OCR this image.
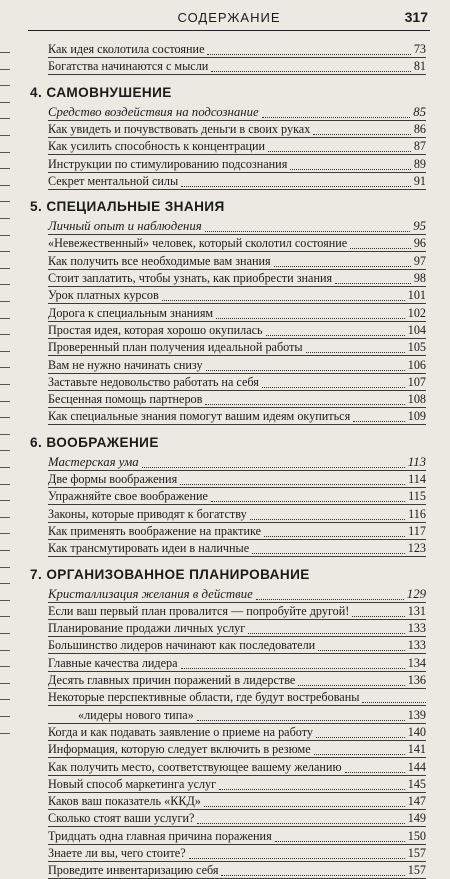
СОДЕРЖАНИЕ	317
Как идея сколотила состояние	73
Богатства начинаются с мысли	81
4. САМОВНУШЕНИЕ
Средство воздействия на подсознание	85
Как увидеть и почувствовать деньги в своих руках	86
Как усилить способность к концентрации	87
Инструкции по стимулированию подсознания	89
Секрет ментальной силы	91
5. СПЕЦИАЛЬНЫЕ ЗНАНИЯ
Личный опыт и наблюдения	95
«Невежественный» человек, который сколотил состояние	96
Как получить все необходимые вам знания	97
Стоит заплатить, чтобы узнать, как приобрести знания	98
Урок платных курсов	101
Дорога к специальным знаниям	102
Простая идея, которая хорошо окупилась	104
Проверенный план получения идеальной работы	105
Вам не нужно начинать снизу	106
Заставьте недовольство работать на себя	107
Бесценная помощь партнеров	108
Как специальные знания помогут вашим идеям окупиться	109
6. ВООБРАЖЕНИЕ
Мастерская ума	113
Две формы воображения	114
Упражняйте свое воображение	115
Законы, которые приводят к богатству	116
Как применять воображение на практике	117
Как трансмутировать идеи в наличные	123
7. ОРГАНИЗОВАННОЕ ПЛАНИРОВАНИЕ
Кристаллизация желания в действие	129
Если ваш первый план провалится — попробуйте другой!	131
Планирование продажи личных услуг	133
Большинство лидеров начинают как последователи	133
Главные качества лидера	134
Десять главных причин поражений в лидерстве	136
Некоторые перспективные области, где будут востребованы
«лидеры нового типа»	139
Когда и как подавать заявление о приеме на работу	140
Информация, которую следует включить в резюме	141
Как получить место, соответствующее вашему желанию	144
Новый способ маркетинга услуг	145
Каков ваш показатель «ККД»	147
Сколько стоят ваши услуги?	149
Тридцать одна главная причина поражения	150
Знаете ли вы, чего стоите?	157
Проведите инвентаризацию себя	157
